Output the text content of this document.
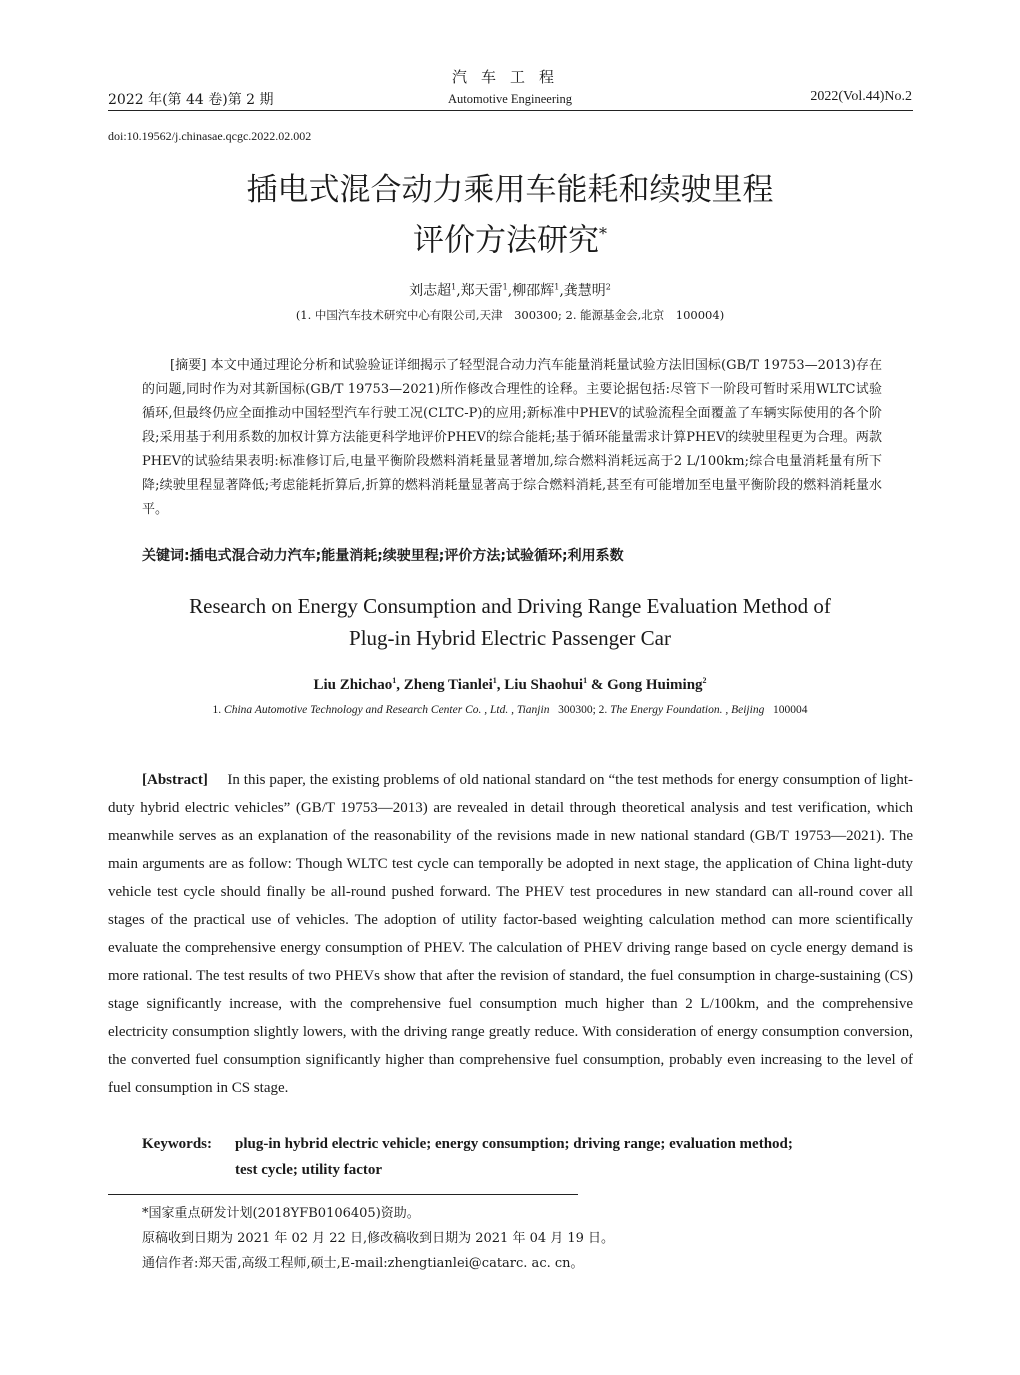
汽车工程
2022 年(第 44 卷)第 2 期	Automotive Engineering	2022(Vol.44)No.2
doi:10.19562/j.chinasae.qcgc.2022.02.002
插电式混合动力乘用车能耗和续驶里程
评价方法研究*
刘志超$^1$,郑天雷$^1$,柳邵辉$^1$,龚慧明$^2$
(1. 中国汽车技术研究中心有限公司,天津　300300; 2. 能源基金会,北京　100004)
[摘要] 本文中通过理论分析和试验验证详细揭示了轻型混合动力汽车能量消耗量试验方法旧国标(GB/T 19753—2013)存在的问题,同时作为对其新国标(GB/T 19753—2021)所作修改合理性的诠释。主要论据包括:尽管下一阶段可暂时采用WLTC试验循环,但最终仍应全面推动中国轻型汽车行驶工况(CLTC-P)的应用;新标准中PHEV的试验流程全面覆盖了车辆实际使用的各个阶段;采用基于利用系数的加权计算方法能更科学地评价PHEV的综合能耗;基于循环能量需求计算PHEV的续驶里程更为合理。两款PHEV的试验结果表明:标准修订后,电量平衡阶段燃料消耗量显著增加,综合燃料消耗远高于2 L/100km;综合电量消耗量有所下降;续驶里程显著降低;考虑能耗折算后,折算的燃料消耗量显著高于综合燃料消耗,甚至有可能增加至电量平衡阶段的燃料消耗量水平。
关键词:插电式混合动力汽车;能量消耗;续驶里程;评价方法;试验循环;利用系数
Research on Energy Consumption and Driving Range Evaluation Method of
Plug-in Hybrid Electric Passenger Car
Liu Zhichao$^1$, Zheng Tianlei$^1$, Liu Shaohui$^1$ & Gong Huiming$^2$
1. China Automotive Technology and Research Center Co. , Ltd. , Tianjin 300300; 2. The Energy Foundation. , Beijing 100004
[Abstract] In this paper, the existing problems of old national standard on “the test methods for energy consumption of light-duty hybrid electric vehicles” (GB/T 19753—2013) are revealed in detail through theoretical analysis and test verification, which meanwhile serves as an explanation of the reasonability of the revisions made in new national standard (GB/T 19753—2021). The main arguments are as follow: Though WLTC test cycle can temporally be adopted in next stage, the application of China light-duty vehicle test cycle should finally be all-round pushed forward. The PHEV test procedures in new standard can all-round cover all stages of the practical use of vehicles. The adoption of utility factor-based weighting calculation method can more scientifically evaluate the comprehensive energy consumption of PHEV. The calculation of PHEV driving range based on cycle energy demand is more rational. The test results of two PHEVs show that after the revision of standard, the fuel consumption in charge-sustaining (CS) stage significantly increase, with the comprehensive fuel consumption much higher than 2 L/100km, and the comprehensive electricity consumption slightly lowers, with the driving range greatly reduce. With consideration of energy consumption conversion, the converted fuel consumption significantly higher than comprehensive fuel consumption, probably even increasing to the level of fuel consumption in CS stage.
Keywords: plug-in hybrid electric vehicle; energy consumption; driving range; evaluation method;
test cycle; utility factor
*国家重点研发计划(2018YFB0106405)资助。
原稿收到日期为 2021 年 02 月 22 日,修改稿收到日期为 2021 年 04 月 19 日。
通信作者:郑天雷,高级工程师,硕士,E-mail:zhengtianlei@catarc. ac. cn。
